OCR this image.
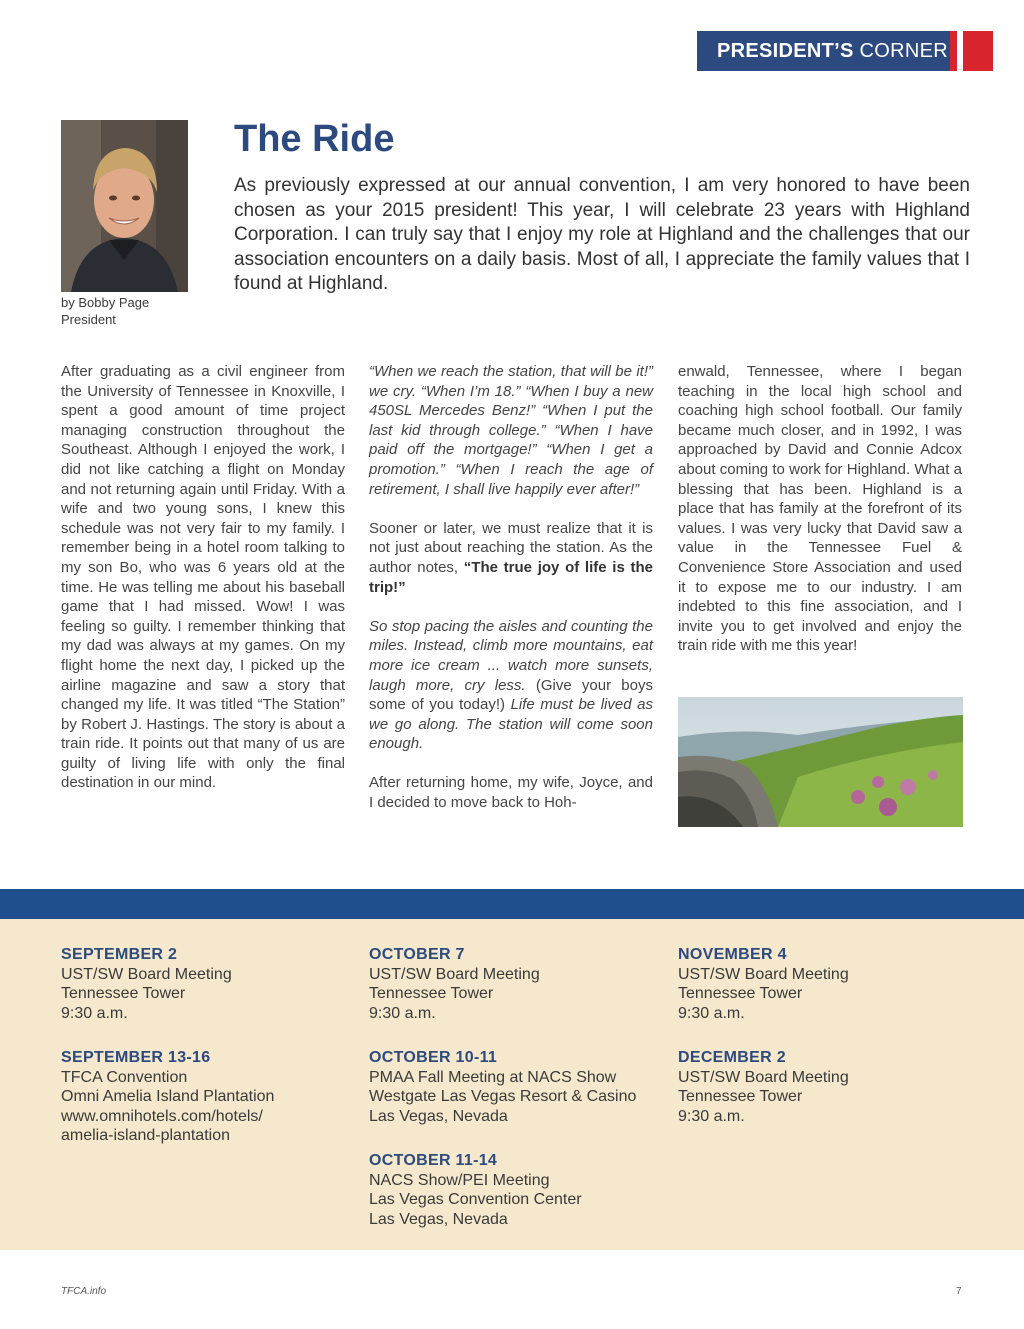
PRESIDENT’S CORNER
by Bobby Page
President
The Ride

As previously expressed at our annual convention, I am very honored to have been chosen as your 2015 president! This year, I will celebrate 23 years with Highland Corporation. I can truly say that I enjoy my role at Highland and the challenges that our association encounters on a daily basis. Most of all, I appreciate the family values that I found at Highland.

After graduating as a civil engineer from the University of Tennessee in Knoxville, I spent a good amount of time project managing construction throughout the Southeast. Although I enjoyed the work, I did not like catching a flight on Monday and not returning again until Friday. With a wife and two young sons, I knew this schedule was not very fair to my family. I remember being in a hotel room talking to my son Bo, who was 6 years old at the time. He was telling me about his baseball game that I had missed. Wow! I was feeling so guilty. I remember thinking that my dad was always at my games. On my flight home the next day, I picked up the airline magazine and saw a story that changed my life. It was titled “The Station” by Robert J. Hastings. The story is about a train ride. It points out that many of us are guilty of living life with only the final destination in our mind.

“When we reach the station, that will be it!” we cry. “When I’m 18.” “When I buy a new 450SL Mercedes Benz!” “When I put the last kid through college.” “When I have paid off the mortgage!” “When I get a promotion.” “When I reach the age of retirement, I shall live happily ever after!”

Sooner or later, we must realize that it is not just about reaching the station. As the author notes, “The true joy of life is the trip!”

So stop pacing the aisles and counting the miles. Instead, climb more mountains, eat more ice cream ... watch more sunsets, laugh more, cry less. (Give your boys some of you today!) Life must be lived as we go along. The station will come soon enough.

After returning home, my wife, Joyce, and I decided to move back to Hoh-

enwald, Tennessee, where I began teaching in the local high school and coaching high school football. Our family became much closer, and in 1992, I was approached by David and Connie Adcox about coming to work for Highland. What a blessing that has been. Highland is a place that has family at the forefront of its values. I was very lucky that David saw a value in the Tennessee Fuel & Convenience Store Association and used it to expose me to our industry. I am indebted to this fine association, and I invite you to get involved and enjoy the train ride with me this year!

SEPTEMBER 2
UST/SW Board Meeting
Tennessee Tower
9:30 a.m.
SEPTEMBER 13-16
TFCA Convention
Omni Amelia Island Plantation
www.omnihotels.com/hotels/
amelia-island-plantation
OCTOBER 7
UST/SW Board Meeting
Tennessee Tower
9:30 a.m.
OCTOBER 10-11
PMAA Fall Meeting at NACS Show
Westgate Las Vegas Resort & Casino
Las Vegas, Nevada
OCTOBER 11-14
NACS Show/PEI Meeting
Las Vegas Convention Center
Las Vegas, Nevada
NOVEMBER 4
UST/SW Board Meeting
Tennessee Tower
9:30 a.m.
DECEMBER 2
UST/SW Board Meeting
Tennessee Tower
9:30 a.m.
TFCA.info	7
